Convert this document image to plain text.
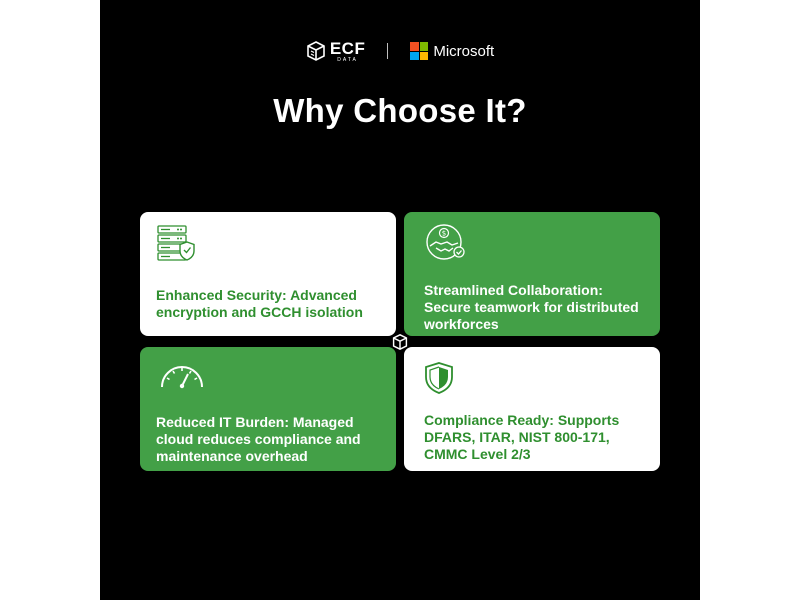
ECF
DATA	Microsoft
Why Choose It?
Enhanced Security: Advanced encryption and GCCH isolation
$
Streamlined Collaboration: Secure teamwork for distributed workforces
Reduced IT Burden: Managed cloud reduces compliance and maintenance overhead
Compliance Ready: Supports DFARS, ITAR, NIST 800-171, CMMC Level 2/3
